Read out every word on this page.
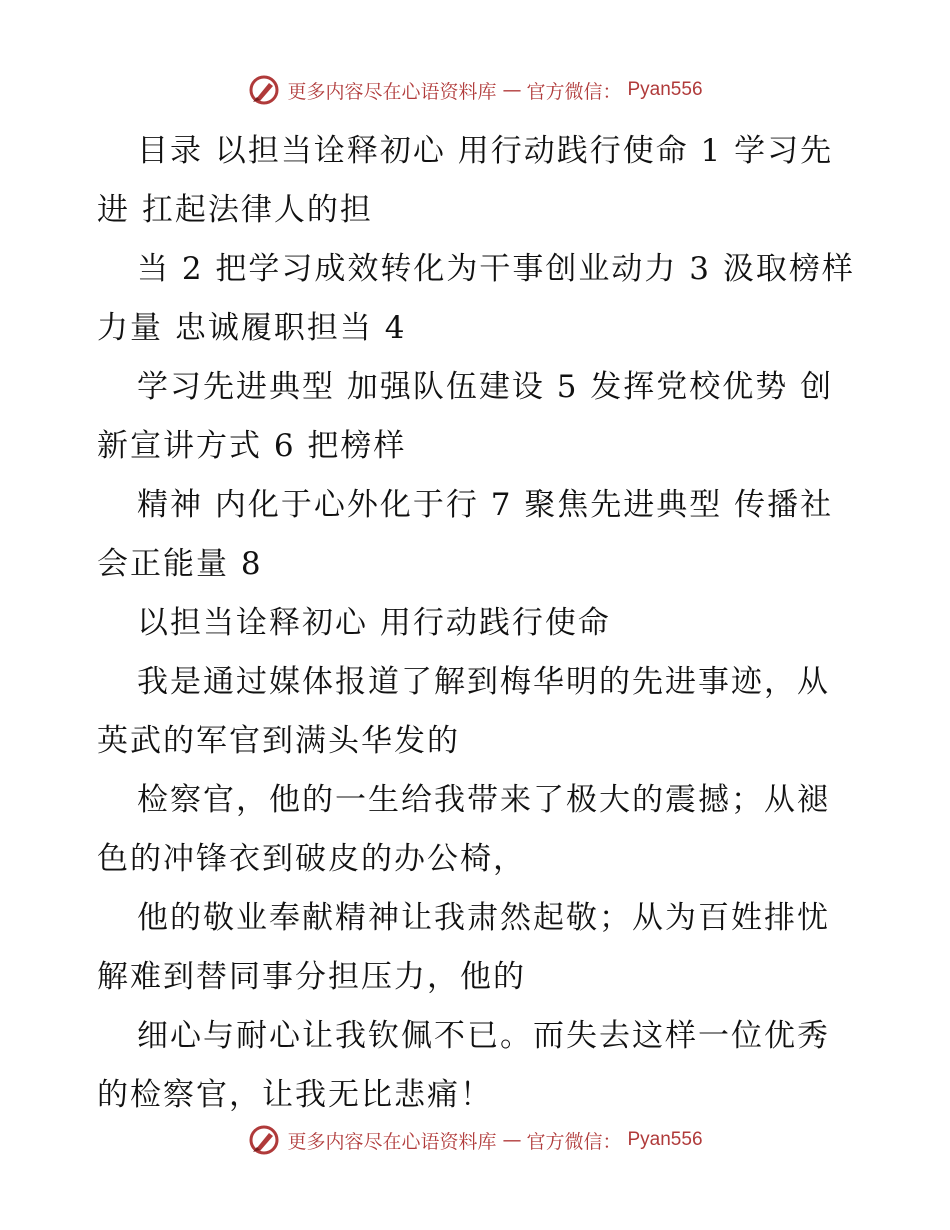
更多内容尽在心语资料库 — 官方微信： Pyan556

目录 以担当诠释初心 用行动践行使命 1 学习先进 扛起法律人的担

当 2 把学习成效转化为干事创业动力 3 汲取榜样力量 忠诚履职担当 4

学习先进典型 加强队伍建设 5 发挥党校优势 创新宣讲方式 6 把榜样

精神 内化于心外化于行 7 聚焦先进典型 传播社会正能量 8

以担当诠释初心 用行动践行使命

我是通过媒体报道了解到梅华明的先进事迹，从英武的军官到满头华发的

检察官，他的一生给我带来了极大的震撼；从褪色的冲锋衣到破皮的办公椅，

他的敬业奉献精神让我肃然起敬；从为百姓排忧解难到替同事分担压力，他的

细心与耐心让我钦佩不已。而失去这样一位优秀的检察官，让我无比悲痛！

更多内容尽在心语资料库 — 官方微信： Pyan556
